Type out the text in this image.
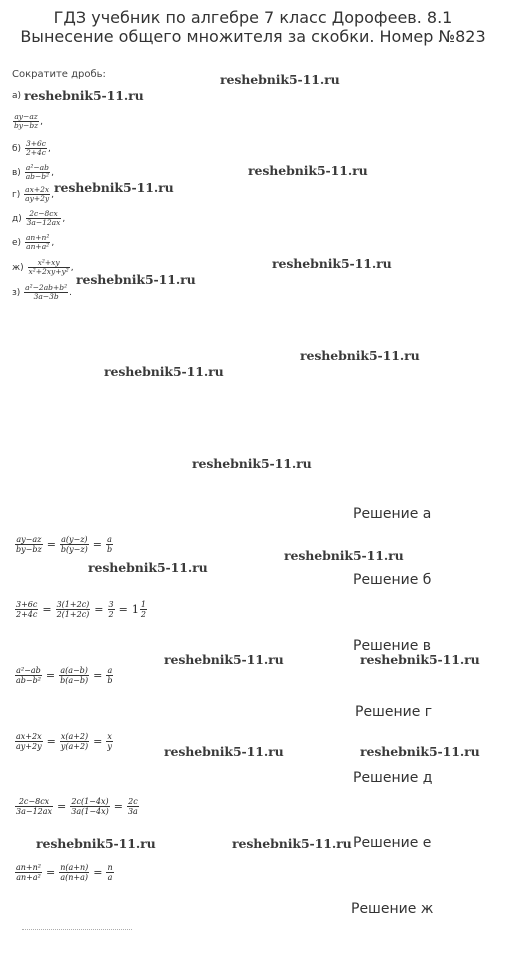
ГДЗ учебник по алгебре 7 класс Дорофеев. 8.1 Вынесение общего множителя за скобки. Номер №823
Сократите дробь:
а)
$\frac{ay-az}{by-bz}$ ,
$б) \frac{3+6c}{2+4c}$ ,
$в) \frac{\text{a²−ab}}{\text{ab−b²}}$ ,
$г) \frac{ax+2x}{ay+2y}$ ,
$д) \frac{2c-8cx}{3a-12ax}$ ,
$е) \frac{\text{an+n²}}{\text{an+a²}}$ ,
$ж) \frac{\text{x²+xy}}{\text{x²+2xy+y²}}$ ,
$з) \frac{\text{a²−2ab+b²}}{3a-3b}$ .
Решение а
Решение б
Решение в
Решение г
Решение д
Решение е
Решение ж
$\frac{ay-az}{by-bz} = \frac{a(y-z)}{b(y-z)} = \frac{a}{b}$
$\frac{3+6c}{2+4c} = \frac{3(1+2c)}{2(1+2c)} = \frac{3}{2} = 1 \frac{1}{2}$
$\frac{\text{a²−ab}}{\text{ab−b²}} = \frac{a(a-b)}{b(a-b)} = \frac{a}{b}$
$\frac{ax+2x}{ay+2y} = \frac{x(a+2)}{y(a+2)} = \frac{x}{y}$
$\frac{2c-8cx}{3a-12ax} = \frac{2c(1-4x)}{3a(1-4x)} = \frac{2c}{3a}$
$\frac{\text{an+n²}}{\text{an+a²}} = \frac{n(a+n)}{a(n+a)} = \frac{n}{a}$
reshebnik5-11.ru
reshebnik5-11.ru
reshebnik5-11.ru
reshebnik5-11.ru
reshebnik5-11.ru
reshebnik5-11.ru
reshebnik5-11.ru
reshebnik5-11.ru
reshebnik5-11.ru
reshebnik5-11.ru
reshebnik5-11.ru
reshebnik5-11.ru	reshebnik5-11.ru
reshebnik5-11.ru	reshebnik5-11.ru
reshebnik5-11.ru	reshebnik5-11.ru
